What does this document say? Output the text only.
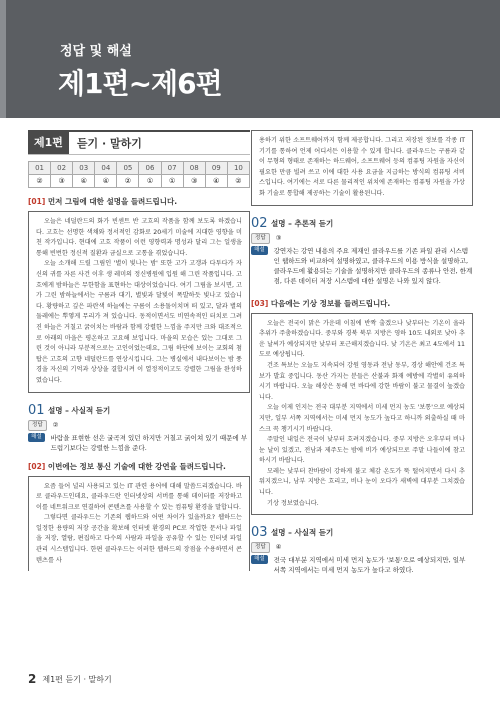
정답 및 해설
제1편~제6편
제1편	듣기 · 말하기
01	02	03	04	05	06	07	08	09	10
②	③	④	④	②	①	①	③	④	②
[01] 먼저 그림에 대한 설명을 들려드립니다.

오늘은 네덜란드의 화가 빈센트 반 고흐의 작품을 함께 보도록 하겠습니다. 고흐는 선명한 색채와 정서적인 감화로 20세기 미술에 지대한 영향을 미친 작가입니다. 현대에 고흐 작품이 이런 영향력과 명성과 달리 그는 일생을 통해 빈번한 정신적 질환과 금실으로 고통을 겪었습니다.

오늘 소개해 드릴 그림인 '별이 빛나는 밤' 또한 고가 고갱과 다투다가 자신의 귀를 자른 사건 이후 생 레미의 정신병원에 입원 해 그린 작품입니다. 고흐에게 밤하늘은 무한함을 표현하는 대상이었습니다. 여기 그림을 보시면, 고가 그린 밤하늘에서는 구름과 대기, 별빛과 달빛이 폭발하듯 빛나고 있습니다. 황량하고 깊은 파란색 하늘에는 구름이 소용돌이치며 떠 있고, 달과 별의 둘레에는 뿌옇게 무리가 져 있습니다. 동적이면서도 비연속적인 터치로 그려진 하늘은 거칠고 굵이치는 바람과 함께 강렬한 느낌을 주지만 크와 대조적으로 아래의 마을은 평온하고 고요해 보입니다. 마을의 모습은 있는 그대로 그린 것이 아니라 부분적으로는 고인이었는데요, 그림 하단에 보이는 교회의 첨탑은 고흐의 고향 네덜란드를 연상시킵니다. 그는 병실에서 내다보이는 밤 풍경을 자신의 기억과 상상을 결합시켜 이 열정적이고도 강렬한 그림을 완성하였습니다.

01 설명 – 사실적 듣기
정답	②
해설	바람을 표현한 선은 굴곡져 있던 하지만 거칠고 굵이쳐 있기 때문에 부드럽기보다는 강렬한 느낌을 준다.
[02] 이번에는 정보 통신 기술에 대한 강연을 들려드립니다.

요즘 들어 널리 사용되고 있는 IT 관련 용어에 대해 말씀드리겠습니다. 바로 클라우드인데요, 클라우드란 인터넷상의 서버를 통해 데이터를 저장하고 이를 네트워크로 연결하여 콘텐츠를 사용할 수 있는 컴퓨팅 환경을 말합니다.

그렇다면 클라우드는 기존의 웹하드와 어떤 차이가 있을까요? 웹하드는 일정한 용량의 저장 공간을 확보해 인터넷 환경의 PC로 작업한 문서나 파일을 저장, 열람, 편집하고 다수의 사람과 파일을 공유할 수 있는 인터넷 파일 관리 시스템입니다. 한편 클라우드는 이러한 웹하드의 장점을 수용하면서 콘텐츠를 사

용하기 위한 소프트웨어까지 함께 제공합니다. 그리고 저장된 정보를 각종 IT 기기를 통하여 언제 어디서든 이용할 수 있게 합니다. 클라우드는 구름과 같이 무형의 형태로 존재하는 하드웨어, 소프트웨어 등의 컴퓨팅 자원을 자신이 필요한 만큼 빌려 쓰고 이에 대한 사용 요금을 지급하는 방식의 컴퓨팅 서비스입니다. 여기에는 서로 다른 물리적인 위치에 존재하는 컴퓨팅 자원을 가상화 기술로 통합해 제공하는 기술이 활용된니다.

02 설명 – 추론적 듣기
정답	③
해설	강연자는 강연 내용의 주요 제재인 클라우드를 기존 파일 관리 시스템인 웹하드와 비교하여 설명하였고, 클라우드의 이용 방식을 설명하고, 클라우드에 활용되는 기술을 설명하지만 클라우드의 종류나 안전, 한계점, 다른 데이터 저장 시스템에 대한 설명은 나와 있지 않다.
[03] 다음에는 기상 정보를 들려드립니다.

오늘은 전국이 맑은 가운데 이침에 반짝 출겠으나 낮부터는 기온이 올라 추위가 주춤하겠습니다. 중부와 경북 북부 지방은 영하 10도 내외로 낮아 추운 날씨가 예상되지만 낮부터 포근해지겠습니다. 낮 기온은 최고 4도에서 11도로 예상됩니다.

건조 특보는 오늘도 지속되어 강원 영동과 전남 동부, 경상 해안에 건조 특보가 발효 중입니다. 동산 가지는 분들은 산불과 화재 예방에 각별히 유의하시기 바랍니다. 오늘 해상은 동해 먼 바다에 강한 바람이 불고 물결이 높겠습니다.

오늘 이제 인지는 전국 대부분 지역에서 미세 먼지 농도 '보통'으로 예상되지만, 일부 서쪽 지역에서는 미세 먼지 농도가 높다고 하니까 외출하실 때 마스크 꼭 챙기시기 바랍니다.

주말인 내일은 전국이 낮부터 흐려지겠습니다. 중부 지방은 오후부터 비나 눈 날이 있겠고, 전남과 제주도는 밤에 비가 예상되므로 주말 나들이에 참고하시기 바랍니다.

모레는 낮부터 찬바람이 강하게 불고 체감 온도가 뚝 떨어지면서 다시 추워지겠으니, 남부 지방은 흐리고, 비나 눈이 오다가 새벽에 대부분 그치겠습니다.

기상 정보였습니다.

03 설명 – 사실적 듣기
정답	④
해설	전국 대부분 지역에서 미세 먼지 농도가 '보통'으로 예상되지만, 일부 서쪽 지역에서는 미세 먼지 농도가 높다고 하였다.
2 제1편 듣기 · 말하기
